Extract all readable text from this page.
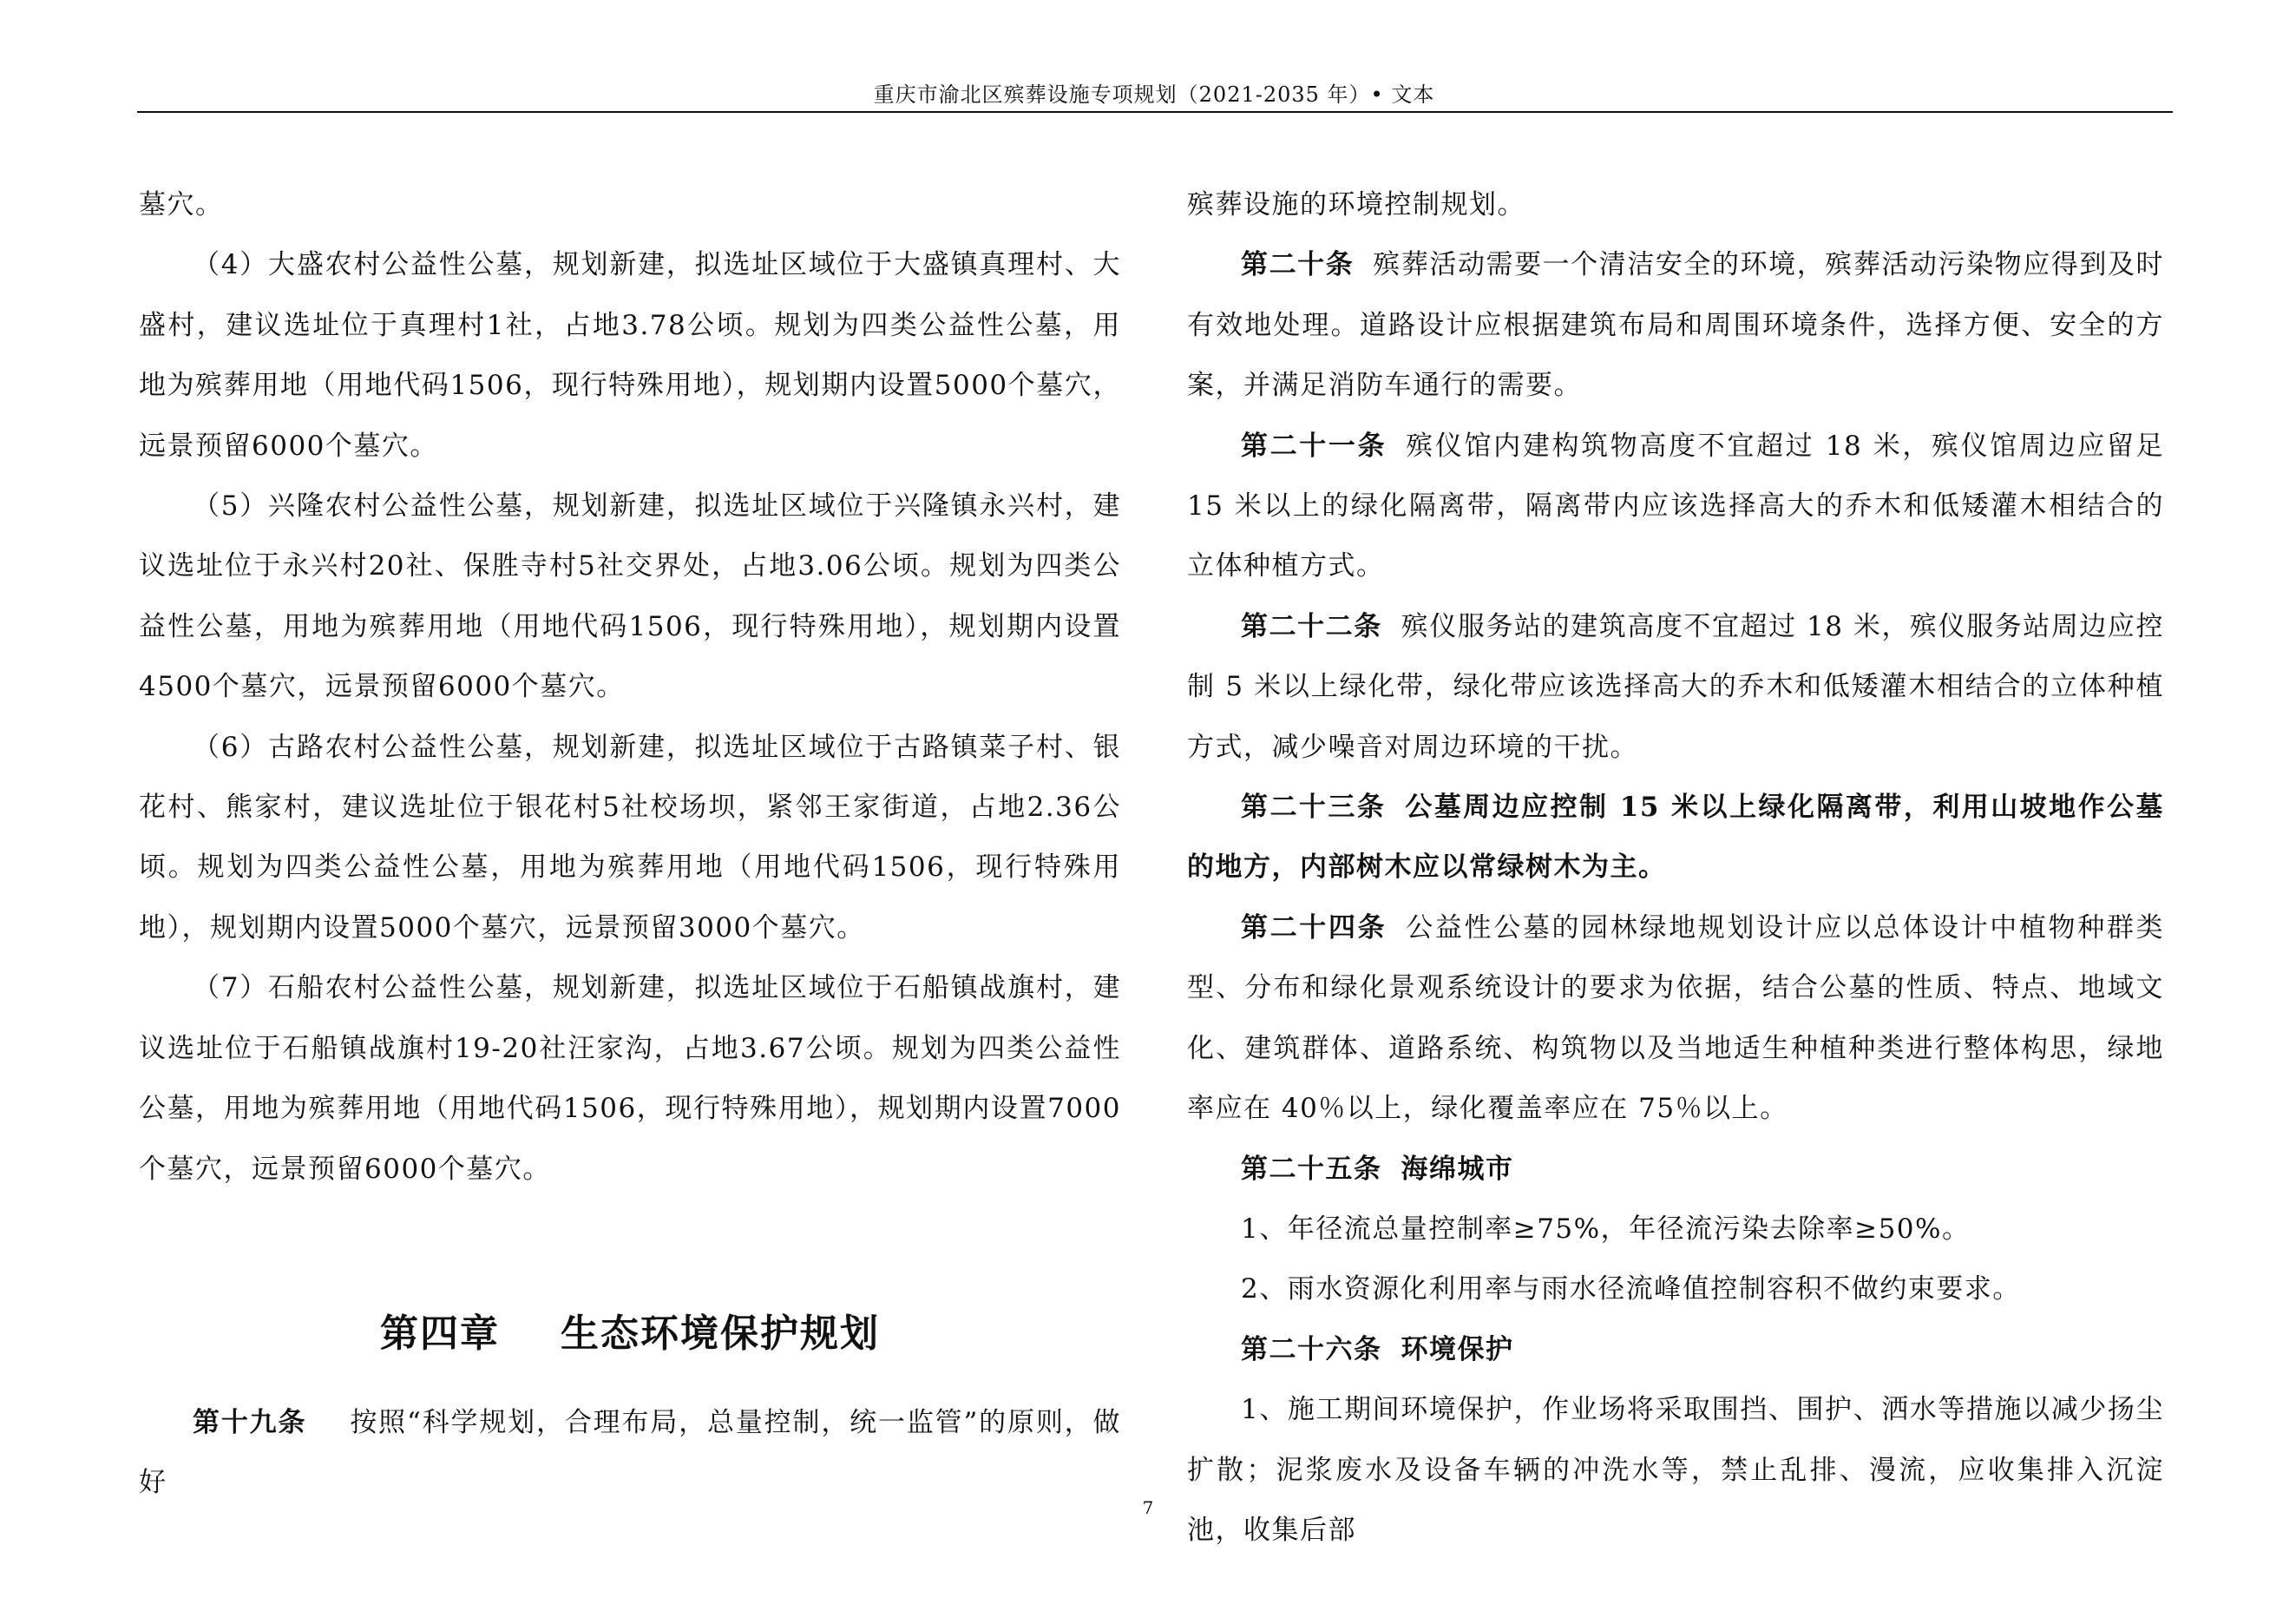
重庆市渝北区殡葬设施专项规划（2021-2035 年）• 文本

墓穴。

（4）大盛农村公益性公墓，规划新建，拟选址区域位于大盛镇真理村、大盛村，建议选址位于真理村1社，占地3.78公顷。规划为四类公益性公墓，用地为殡葬用地（用地代码1506，现行特殊用地），规划期内设置5000个墓穴，远景预留6000个墓穴。

（5）兴隆农村公益性公墓，规划新建，拟选址区域位于兴隆镇永兴村，建议选址位于永兴村20社、保胜寺村5社交界处，占地3.06公顷。规划为四类公益性公墓，用地为殡葬用地（用地代码1506，现行特殊用地），规划期内设置4500个墓穴，远景预留6000个墓穴。

（6）古路农村公益性公墓，规划新建，拟选址区域位于古路镇菜子村、银花村、熊家村，建议选址位于银花村5社校场坝，紧邻王家街道，占地2.36公顷。规划为四类公益性公墓，用地为殡葬用地（用地代码1506，现行特殊用地），规划期内设置5000个墓穴，远景预留3000个墓穴。

（7）石船农村公益性公墓，规划新建，拟选址区域位于石船镇战旗村，建议选址位于石船镇战旗村19-20社汪家沟，占地3.67公顷。规划为四类公益性公墓，用地为殡葬用地（用地代码1506，现行特殊用地），规划期内设置7000个墓穴，远景预留6000个墓穴。

第四章 生态环境保护规划

第十九条 按照“科学规划，合理布局，总量控制，统一监管”的原则，做好

殡葬设施的环境控制规划。

第二十条 殡葬活动需要一个清洁安全的环境，殡葬活动污染物应得到及时有效地处理。道路设计应根据建筑布局和周围环境条件，选择方便、安全的方案，并满足消防车通行的需要。

第二十一条 殡仪馆内建构筑物高度不宜超过 18 米，殡仪馆周边应留足 15 米以上的绿化隔离带，隔离带内应该选择高大的乔木和低矮灌木相结合的立体种植方式。

第二十二条 殡仪服务站的建筑高度不宜超过 18 米，殡仪服务站周边应控制 5 米以上绿化带，绿化带应该选择高大的乔木和低矮灌木相结合的立体种植方式，减少噪音对周边环境的干扰。

第二十三条 公墓周边应控制 15 米以上绿化隔离带，利用山坡地作公墓的地方，内部树木应以常绿树木为主。

第二十四条 公益性公墓的园林绿地规划设计应以总体设计中植物种群类型、分布和绿化景观系统设计的要求为依据，结合公墓的性质、特点、地域文化、建筑群体、道路系统、构筑物以及当地适生种植种类进行整体构思，绿地率应在 40％以上，绿化覆盖率应在 75％以上。

第二十五条 海绵城市

1、年径流总量控制率≥75%，年径流污染去除率≥50%。

2、雨水资源化利用率与雨水径流峰值控制容积不做约束要求。

第二十六条 环境保护

1、施工期间环境保护，作业场将采取围挡、围护、洒水等措施以减少扬尘扩散；泥浆废水及设备车辆的冲洗水等，禁止乱排、漫流，应收集排入沉淀池，收集后部

7
